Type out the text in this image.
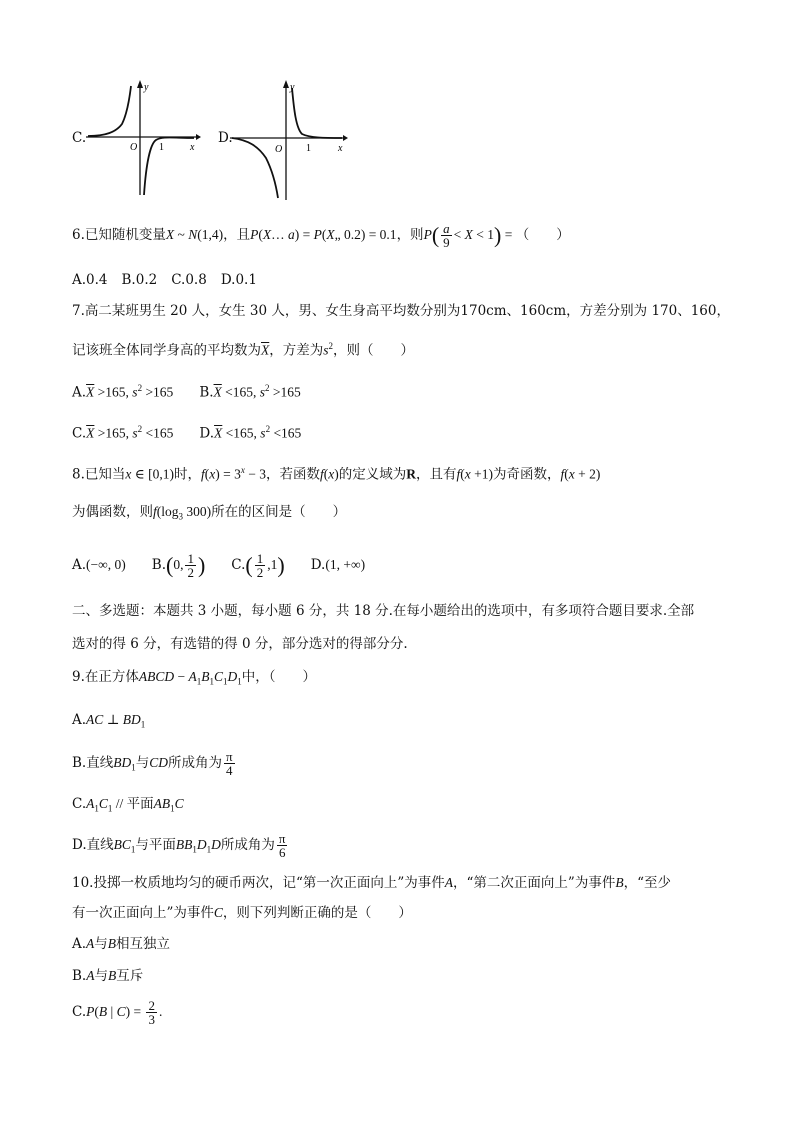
C.
y
x
O 1
D.
y
x
O 1
6.已知随机变量X ~ N(1,4)，且P(X… a) = P(X„ 0.2) = 0.1，则$P( \frac{a}{9} < X < 1)$ = （　　）
A.0.4 B.0.2 C.0.8 D.0.1
7.高二某班男生 20 人，女生 30 人，男、女生身高平均数分别为170cm、160cm，方差分别为 170、160，
记该班全体同学身高的平均数为$\overline{X}$，方差为$s^2$，则（　　）
$A.\overline{X} >165$, $s^2 >165$ $B.\overline{X} <165$, $s^2 >165$
$C.\overline{X} >165$, $s^2 <165$ $D.\overline{X} <165$, $s^2 <165$
8.已知当x ∈ [0,1)时，$f(x) = 3^x - 3$，若函数f(x)的定义域为R，且有f(x +1)为奇函数，f(x + 2)
为偶函数，则$f(\log_3$ 300)所在的区间是（　　）
A.(−∞, 0) B.(0, $\frac{1}{2}$ ) $C.( \frac{1}{2} ,1)$ D.(1, +∞)
二、多选题：本题共 3 小题，每小题 6 分，共 18 分.在每小题给出的选项中，有多项符合题目要求.全部
选对的得 6 分，有选错的得 0 分，部分选对的得部分分.
9.在正方体ABCD − $A_1B_1C_1D_1$中，（　　）
A.AC ⊥ $BD_1$
B.直线$BD_1$与CD所成角为 $\frac{\pi}{4}$
$C.A_1C_1$ // 平面$AB_1C$
D.直线$BC_1$与平面$BB_1D_1D$所成角为 $\frac{\pi}{6}$
10.投掷一枚质地均匀的硬币两次，记“第一次正面向上”为事件A，“第二次正面向上”为事件B，“至少
有一次正面向上”为事件C，则下列判断正确的是（　　）
A.A与B相互独立
B.A与B互斥
C.P(B | $C) = \frac{2}{3}$ .
